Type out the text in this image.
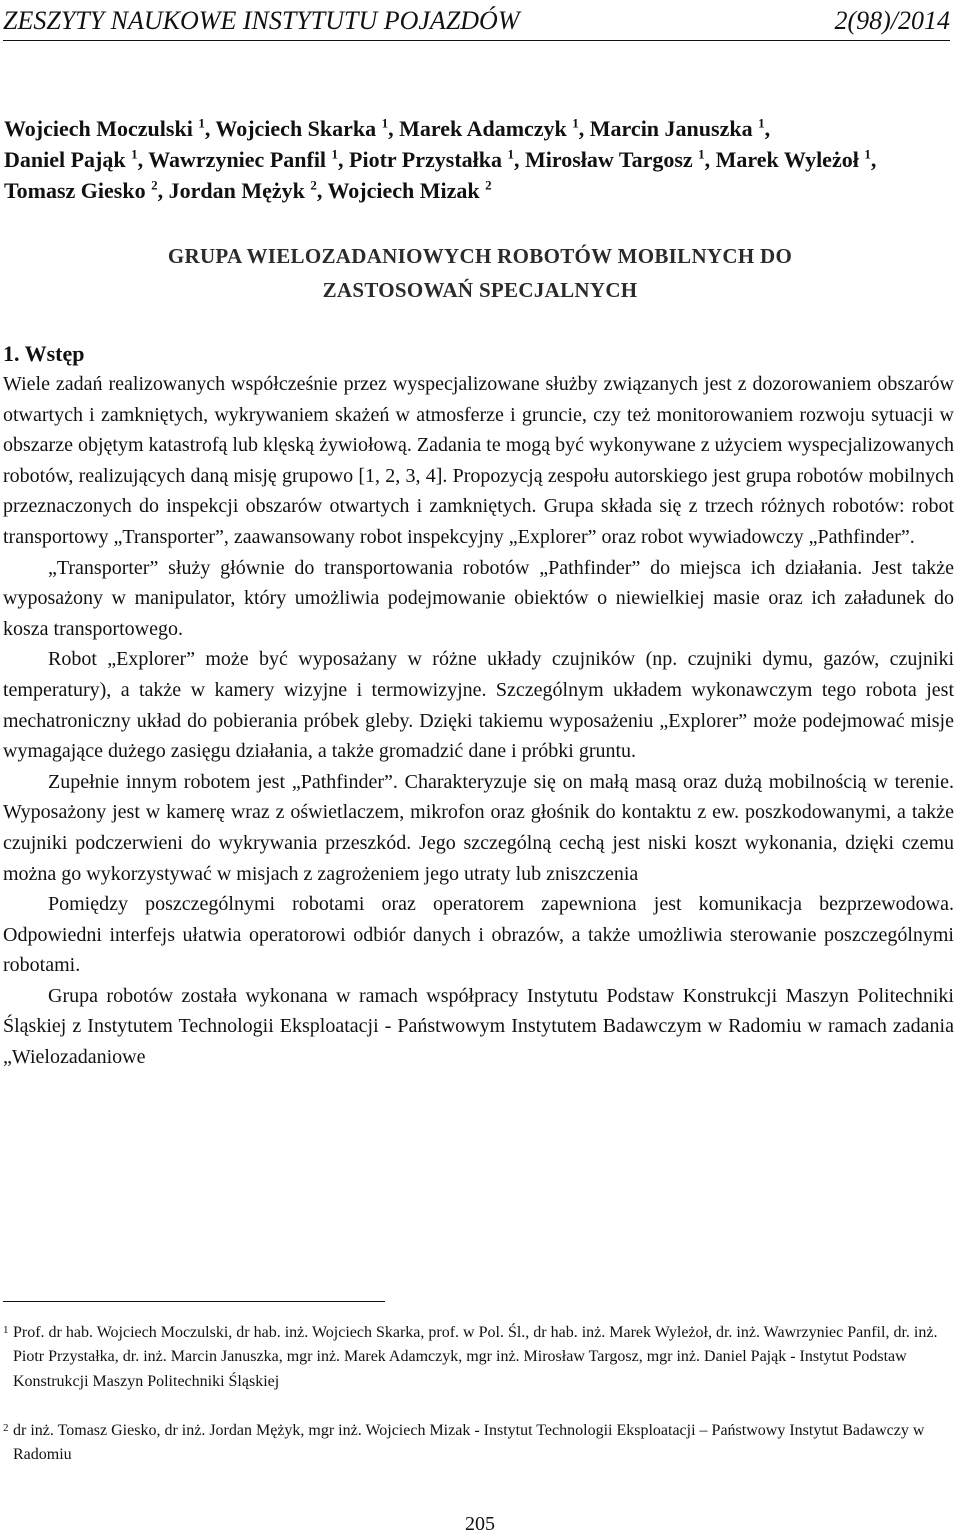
ZESZYTY NAUKOWE INSTYTUTU POJAZDÓW	2(98)/2014
Wojciech Moczulski $^1$, Wojciech Skarka $^1$, Marek Adamczyk $^1$, Marcin Januszka $^1$,
Daniel Pająk $^1$, Wawrzyniec Panfil $^1$, Piotr Przystałka $^1$, Mirosław Targosz $^1$, Marek Wyleżoł $^1$, Tomasz Giesko $^2$, Jordan Mężyk $^2$, Wojciech Mizak $^2$
GRUPA WIELOZADANIOWYCH ROBOTÓW MOBILNYCH DO
ZASTOSOWAŃ SPECJALNYCH
1. Wstęp

Wiele zadań realizowanych współcześnie przez wyspecjalizowane służby związanych jest z dozorowaniem obszarów otwartych i zamkniętych, wykrywaniem skażeń w atmosferze i gruncie, czy też monitorowaniem rozwoju sytuacji w obszarze objętym katastrofą lub klęską żywiołową. Zadania te mogą być wykonywane z użyciem wyspecjalizowanych robotów, realizujących daną misję grupowo [1, 2, 3, 4]. Propozycją zespołu autorskiego jest grupa robotów mobilnych przeznaczonych do inspekcji obszarów otwartych i zamkniętych. Grupa składa się z trzech różnych robotów: robot transportowy „Transporter”, zaawansowany robot inspekcyjny „Explorer” oraz robot wywiadowczy „Pathfinder”.

„Transporter” służy głównie do transportowania robotów „Pathfinder” do miejsca ich działania. Jest także wyposażony w manipulator, który umożliwia podejmowanie obiektów o niewielkiej masie oraz ich załadunek do kosza transportowego.

Robot „Explorer” może być wyposażany w różne układy czujników (np. czujniki dymu, gazów, czujniki temperatury), a także w kamery wizyjne i termowizyjne. Szczególnym układem wykonawczym tego robota jest mechatroniczny układ do pobierania próbek gleby. Dzięki takiemu wyposażeniu „Explorer” może podejmować misje wymagające dużego zasięgu działania, a także gromadzić dane i próbki gruntu.

Zupełnie innym robotem jest „Pathfinder”. Charakteryzuje się on małą masą oraz dużą mobilnością w terenie. Wyposażony jest w kamerę wraz z oświetlaczem, mikrofon oraz głośnik do kontaktu z ew. poszkodowanymi, a także czujniki podczerwieni do wykrywania przeszkód. Jego szczególną cechą jest niski koszt wykonania, dzięki czemu można go wykorzystywać w misjach z zagrożeniem jego utraty lub zniszczenia

Pomiędzy poszczególnymi robotami oraz operatorem zapewniona jest komunikacja bezprzewodowa. Odpowiedni interfejs ułatwia operatorowi odbiór danych i obrazów, a także umożliwia sterowanie poszczególnymi robotami.

Grupa robotów została wykonana w ramach współpracy Instytutu Podstaw Konstrukcji Maszyn Politechniki Śląskiej z Instytutem Technologii Eksploatacji - Państwowym Instytutem Badawczym w Radomiu w ramach zadania „Wielozadaniowe

1 Prof. dr hab. Wojciech Moczulski, dr hab. inż. Wojciech Skarka, prof. w Pol. Śl., dr hab. inż. Marek Wyleżoł, dr. inż. Wawrzyniec Panfil, dr. inż. Piotr Przystałka, dr. inż. Marcin Januszka, mgr inż. Marek Adamczyk, mgr inż. Mirosław Targosz, mgr inż. Daniel Pająk - Instytut Podstaw Konstrukcji Maszyn Politechniki Śląskiej
2 dr inż. Tomasz Giesko, dr inż. Jordan Mężyk, mgr inż. Wojciech Mizak - Instytut Technologii Eksploatacji – Państwowy Instytut Badawczy w Radomiu
205
